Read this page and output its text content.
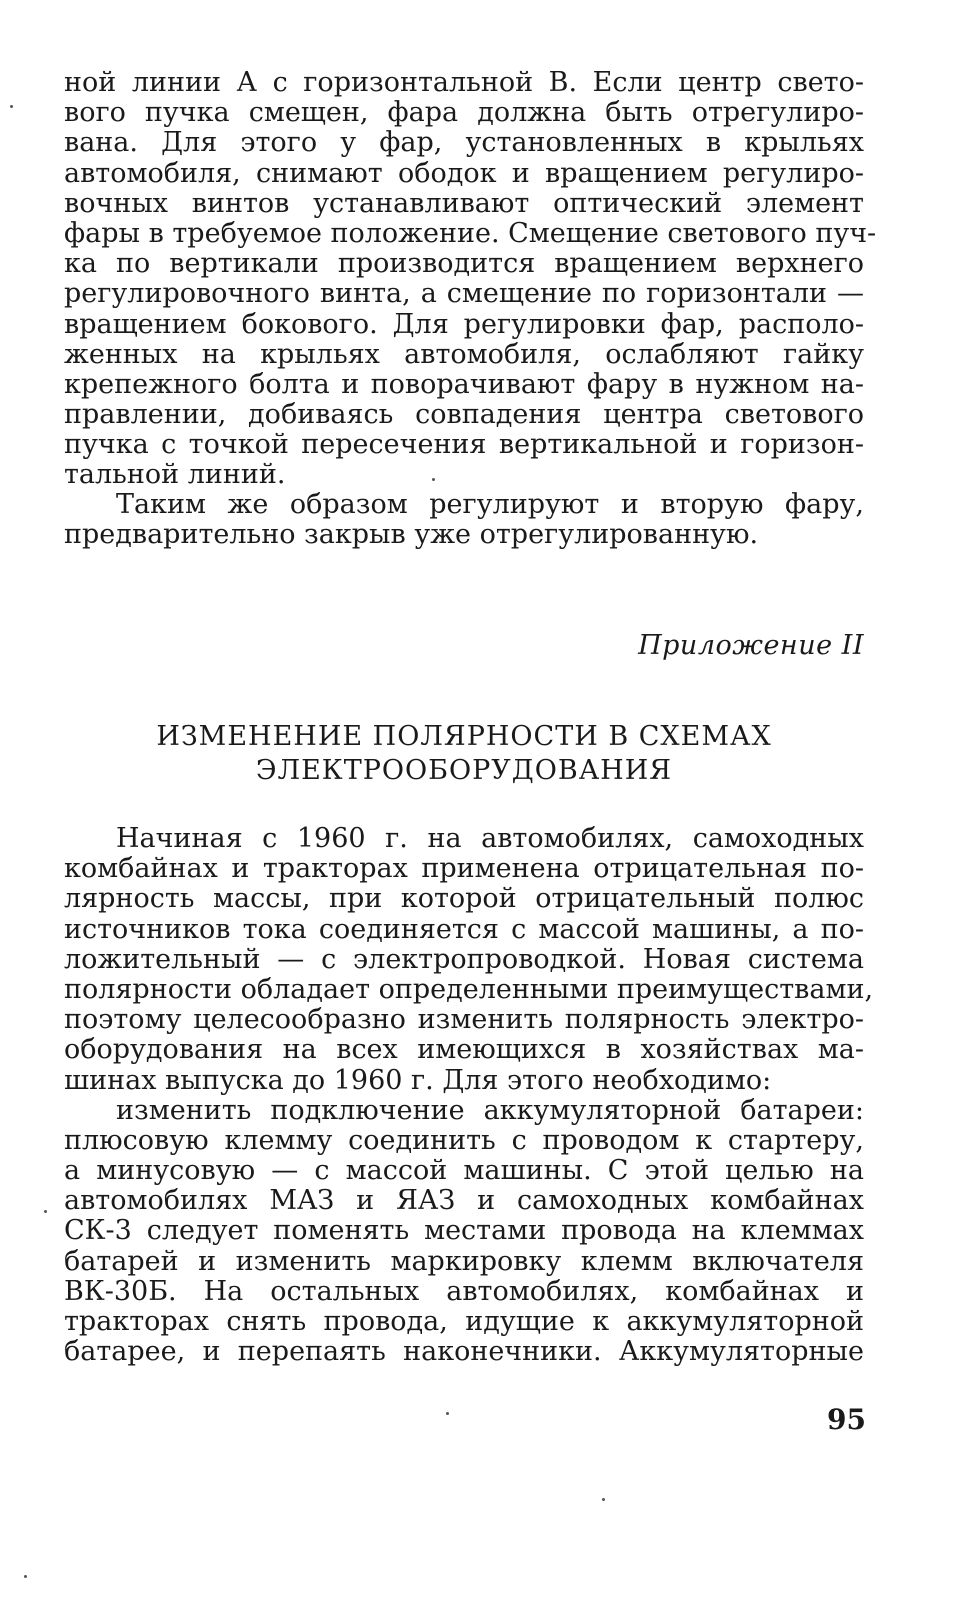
ной линии А с горизонтальной В. Если центр свето-
вого пучка смещен, фара должна быть отрегулиро-
вана. Для этого у фар, установленных в крыльях
автомобиля, снимают ободок и вращением регулиро-
вочных винтов устанавливают оптический элемент
фары в требуемое положение. Смещение светового пуч-
ка по вертикали производится вращением верхнего
регулировочного винта, а смещение по горизонтали —
вращением бокового. Для регулировки фар, располо-
женных на крыльях автомобиля, ослабляют гайку
крепежного болта и поворачивают фару в нужном на-
правлении, добиваясь совпадения центра светового
пучка с точкой пересечения вертикальной и горизон-
тальной линий.
Таким же образом регулируют и вторую фару,
предварительно закрыв уже отрегулированную.
Приложение II
ИЗМЕНЕНИЕ ПОЛЯРНОСТИ В СХЕМАХ
ЭЛЕКТРООБОРУДОВАНИЯ
Начиная с 1960 г. на автомобилях, самоходных
комбайнах и тракторах применена отрицательная по-
лярность массы, при которой отрицательный полюс
источников тока соединяется с массой машины, а по-
ложительный — с электропроводкой. Новая система
полярности обладает определенными преимуществами,
поэтому целесообразно изменить полярность электро-
оборудования на всех имеющихся в хозяйствах ма-
шинах выпуска до 1960 г. Для этого необходимо:
изменить подключение аккумуляторной батареи:
плюсовую клемму соединить с проводом к стартеру,
а минусовую — с массой машины. С этой целью на
автомобилях МАЗ и ЯАЗ и самоходных комбайнах
СК-3 следует поменять местами провода на клеммах
батарей и изменить маркировку клемм включателя
ВК-30Б. На остальных автомобилях, комбайнах и
тракторах снять провода, идущие к аккумуляторной
батарее, и перепаять наконечники. Аккумуляторные
95
